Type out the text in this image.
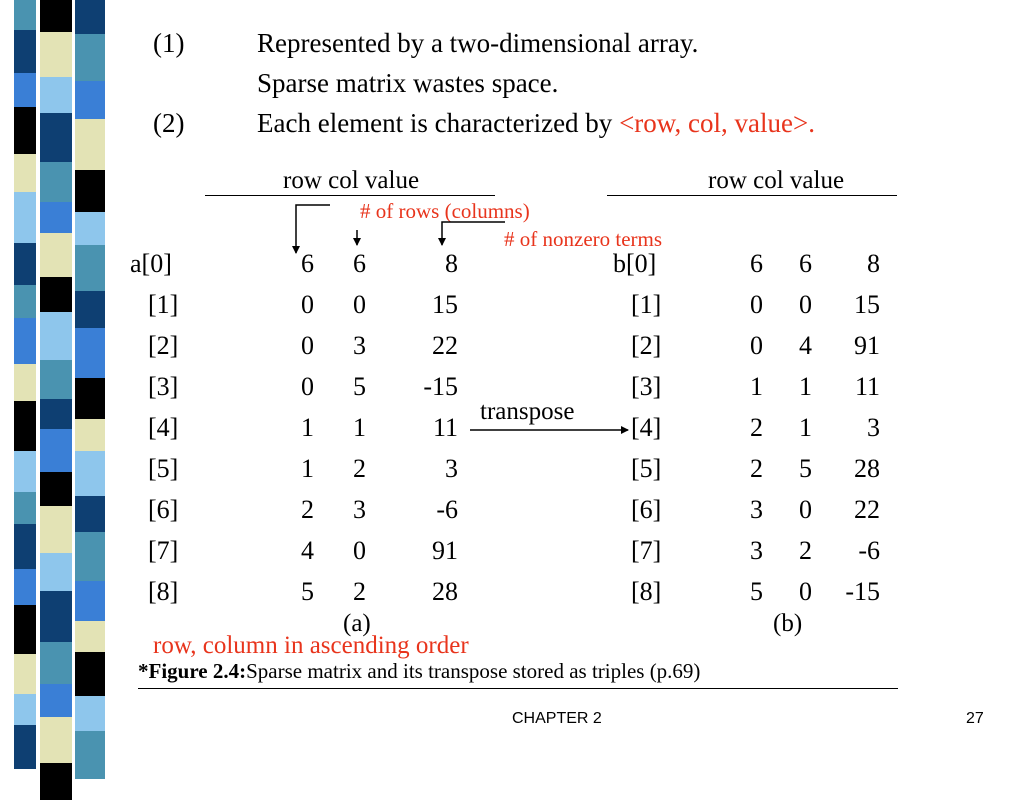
(1)	Represented by a two-dimensional array.
Sparse matrix wastes space.
(2)	Each element is characterized by <row, col, value>.
row col value	row col value
# of rows (columns)
# of nonzero terms
transpose
row, column in ascending order
a[0]	6	6	8
[1]	0	0	15
[2]	0	3	22
[3]	0	5	-15
[4]	1	1	11
[5]	1	2	3
[6]	2	3	-6
[7]	4	0	91
[8]	5	2	28
b[0]	6	6	8
[1]	0	0	15
[2]	0	4	91
[3]	1	1	11
[4]	2	1	3
[5]	2	5	28
[6]	3	0	22
[7]	3	2	-6
[8]	5	0	-15
(a)	(b)
*Figure 2.4:Sparse matrix and its transpose stored as triples (p.69)
CHAPTER 2	27
